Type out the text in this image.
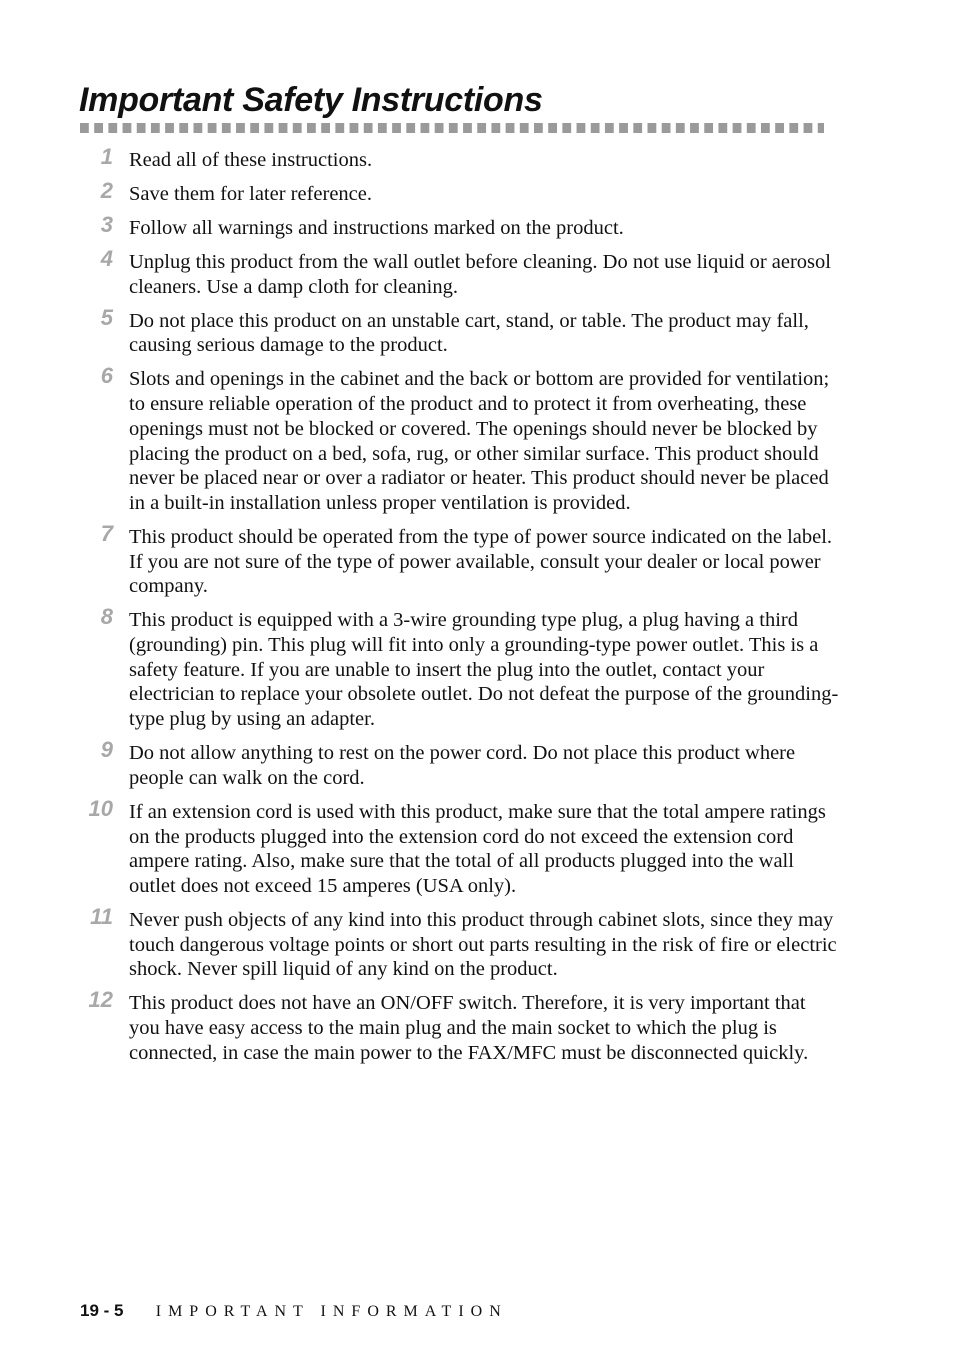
Important Safety Instructions
1 Read all of these instructions.
2 Save them for later reference.
3 Follow all warnings and instructions marked on the product.
4 Unplug this product from the wall outlet before cleaning. Do not use liquid or aerosol cleaners. Use a damp cloth for cleaning.
5 Do not place this product on an unstable cart, stand, or table. The product may fall, causing serious damage to the product.
6 Slots and openings in the cabinet and the back or bottom are provided for ventilation; to ensure reliable operation of the product and to protect it from overheating, these openings must not be blocked or covered. The openings should never be blocked by placing the product on a bed, sofa, rug, or other similar surface. This product should never be placed near or over a radiator or heater. This product should never be placed in a built-in installation unless proper ventilation is provided.
7 This product should be operated from the type of power source indicated on the label. If you are not sure of the type of power available, consult your dealer or local power company.
8 This product is equipped with a 3-wire grounding type plug, a plug having a third (grounding) pin. This plug will fit into only a grounding-type power outlet. This is a safety feature. If you are unable to insert the plug into the outlet, contact your electrician to replace your obsolete outlet. Do not defeat the purpose of the grounding-type plug by using an adapter.
9 Do not allow anything to rest on the power cord. Do not place this product where people can walk on the cord.
10 If an extension cord is used with this product, make sure that the total ampere ratings on the products plugged into the extension cord do not exceed the extension cord ampere rating. Also, make sure that the total of all products plugged into the wall outlet does not exceed 15 amperes (USA only).
11 Never push objects of any kind into this product through cabinet slots, since they may touch dangerous voltage points or short out parts resulting in the risk of fire or electric shock. Never spill liquid of any kind on the product.
12 This product does not have an ON/OFF switch. Therefore, it is very important that you have easy access to the main plug and the main socket to which the plug is connected, in case the main power to the FAX/MFC must be disconnected quickly.
19 - 5 IMPORTANT INFORMATION
